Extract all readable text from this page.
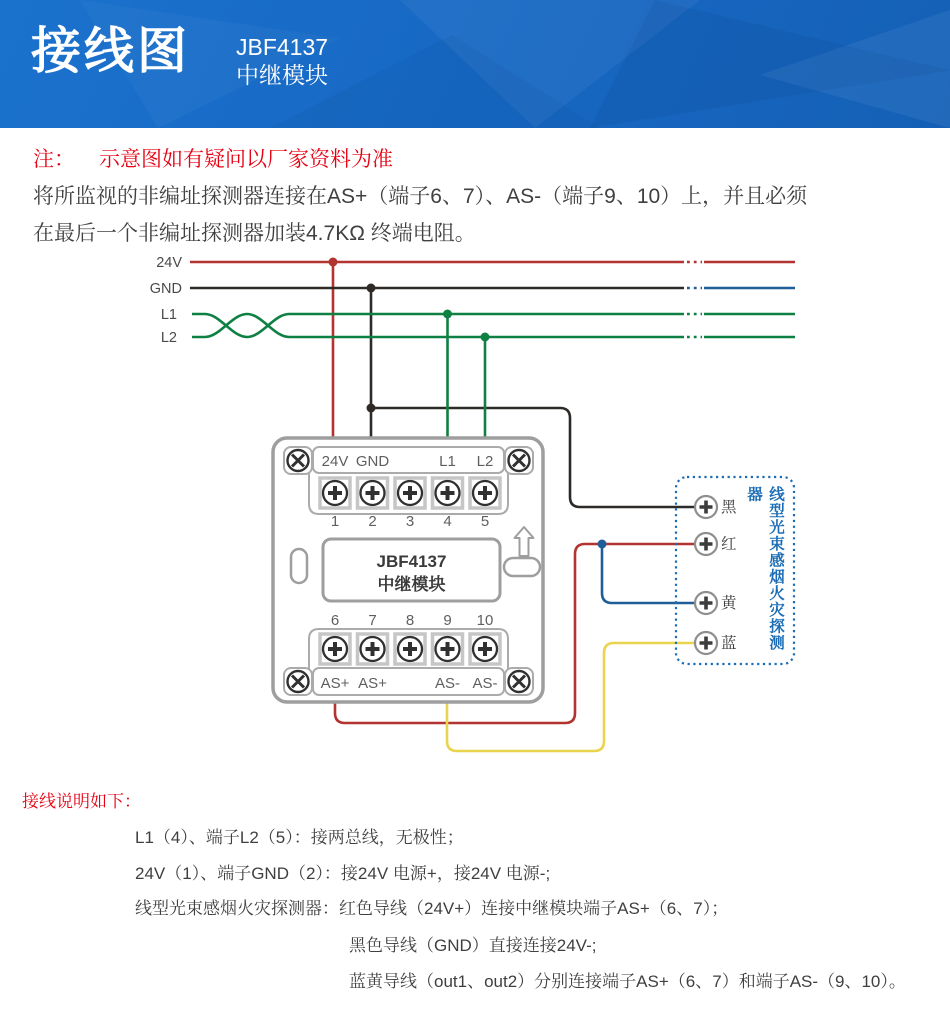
接线图 JBF4137
中继模块
注： 示意图如有疑问以厂家资料为准
将所监视的非编址探测器连接在AS+（端子6、7）、AS-（端子9、10）上，并且必须
在最后一个非编址探测器加装4.7KΩ 终端电阻。
24V
GND
L1
L2
24V GND	L1 L2
AS+ AS+	AS- AS-
1 2 3 4 5
6 7 8 9 10
JBF4137
中继模块
黑
红
黄
蓝	线型光束感烟火灾探测器
接线说明如下：
L1（4）、端子L2（5）：接两总线，无极性；
24V（1）、端子GND（2）：接24V 电源+，接24V 电源-;
线型光束感烟火灾探测器：红色导线（24V+）连接中继模块端子AS+（6、7）；
黑色导线（GND）直接连接24V-;
蓝黄导线（out1、out2）分别连接端子AS+（6、7）和端子AS-（9、10）。
